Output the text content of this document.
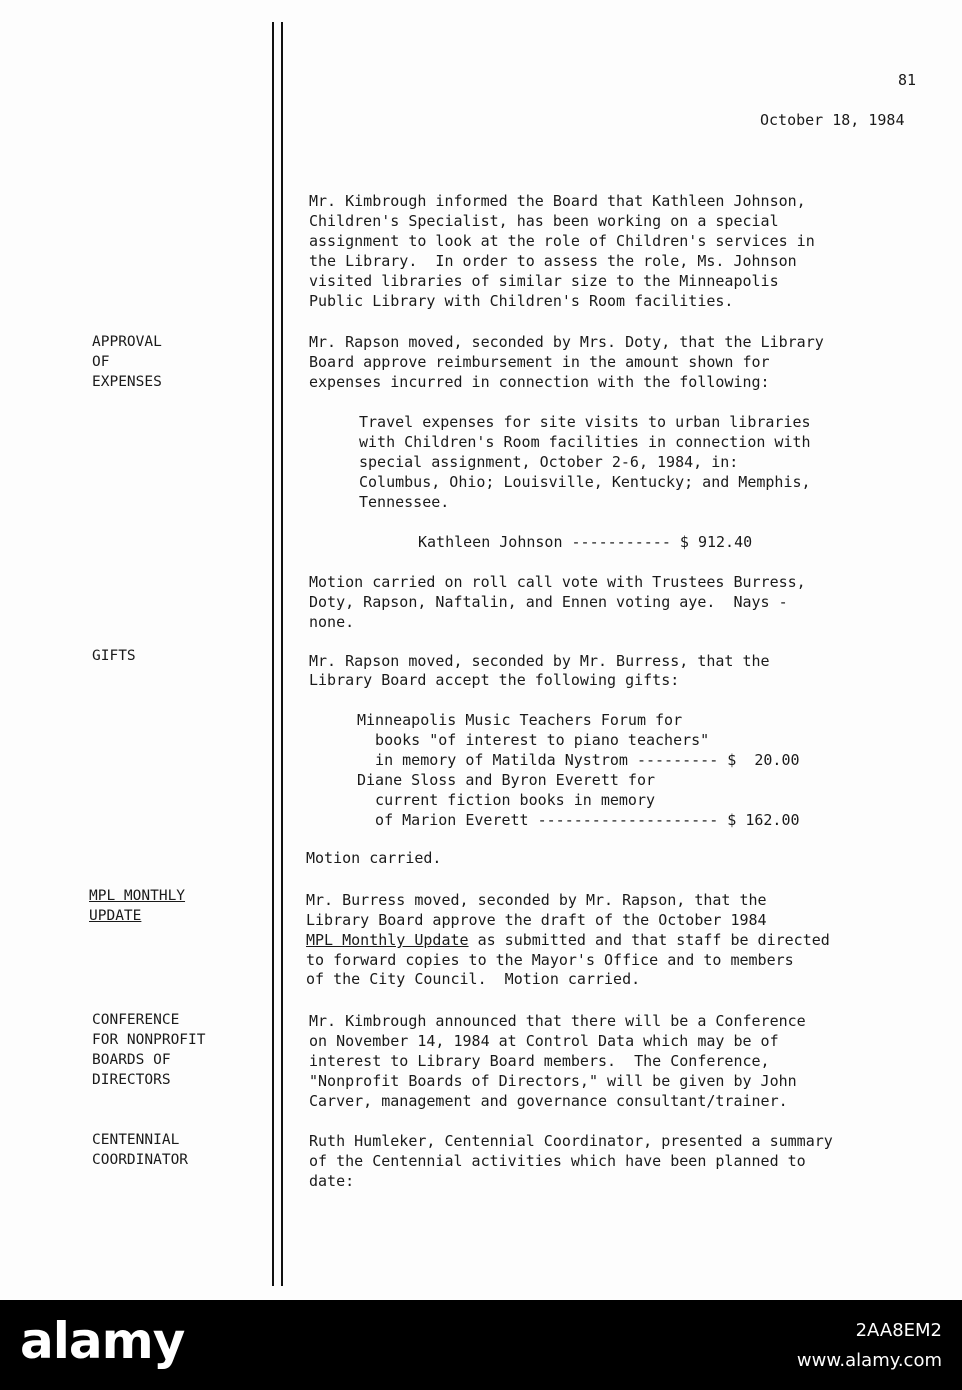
81
October 18, 1984
APPROVAL
OF
EXPENSES
GIFTS
MPL MONTHLY
UPDATE
CONFERENCE
FOR NONPROFIT
BOARDS OF
DIRECTORS
CENTENNIAL
COORDINATOR
Mr. Kimbrough informed the Board that Kathleen Johnson,
Children's Specialist, has been working on a special
assignment to look at the role of Children's services in
the Library.  In order to assess the role, Ms. Johnson
visited libraries of similar size to the Minneapolis
Public Library with Children's Room facilities.
Mr. Rapson moved, seconded by Mrs. Doty, that the Library
Board approve reimbursement in the amount shown for
expenses incurred in connection with the following:
Travel expenses for site visits to urban libraries
with Children's Room facilities in connection with
special assignment, October 2-6, 1984, in:
Columbus, Ohio; Louisville, Kentucky; and Memphis,
Tennessee.
Kathleen Johnson ----------- $ 912.40
Motion carried on roll call vote with Trustees Burress,
Doty, Rapson, Naftalin, and Ennen voting aye.  Nays -
none.
Mr. Rapson moved, seconded by Mr. Burress, that the
Library Board accept the following gifts:
Minneapolis Music Teachers Forum for
books "of interest to piano teachers"
in memory of Matilda Nystrom --------- $  20.00
Diane Sloss and Byron Everett for
current fiction books in memory
of Marion Everett -------------------- $ 162.00
Motion carried.
Mr. Burress moved, seconded by Mr. Rapson, that the
Library Board approve the draft of the October 1984
MPL Monthly Update as submitted and that staff be directed
to forward copies to the Mayor's Office and to members
of the City Council.  Motion carried.
Mr. Kimbrough announced that there will be a Conference
on November 14, 1984 at Control Data which may be of
interest to Library Board members.  The Conference,
"Nonprofit Boards of Directors," will be given by John
Carver, management and governance consultant/trainer.
Ruth Humleker, Centennial Coordinator, presented a summary
of the Centennial activities which have been planned to
date:
alamy	2AA8EM2
www.alamy.com
